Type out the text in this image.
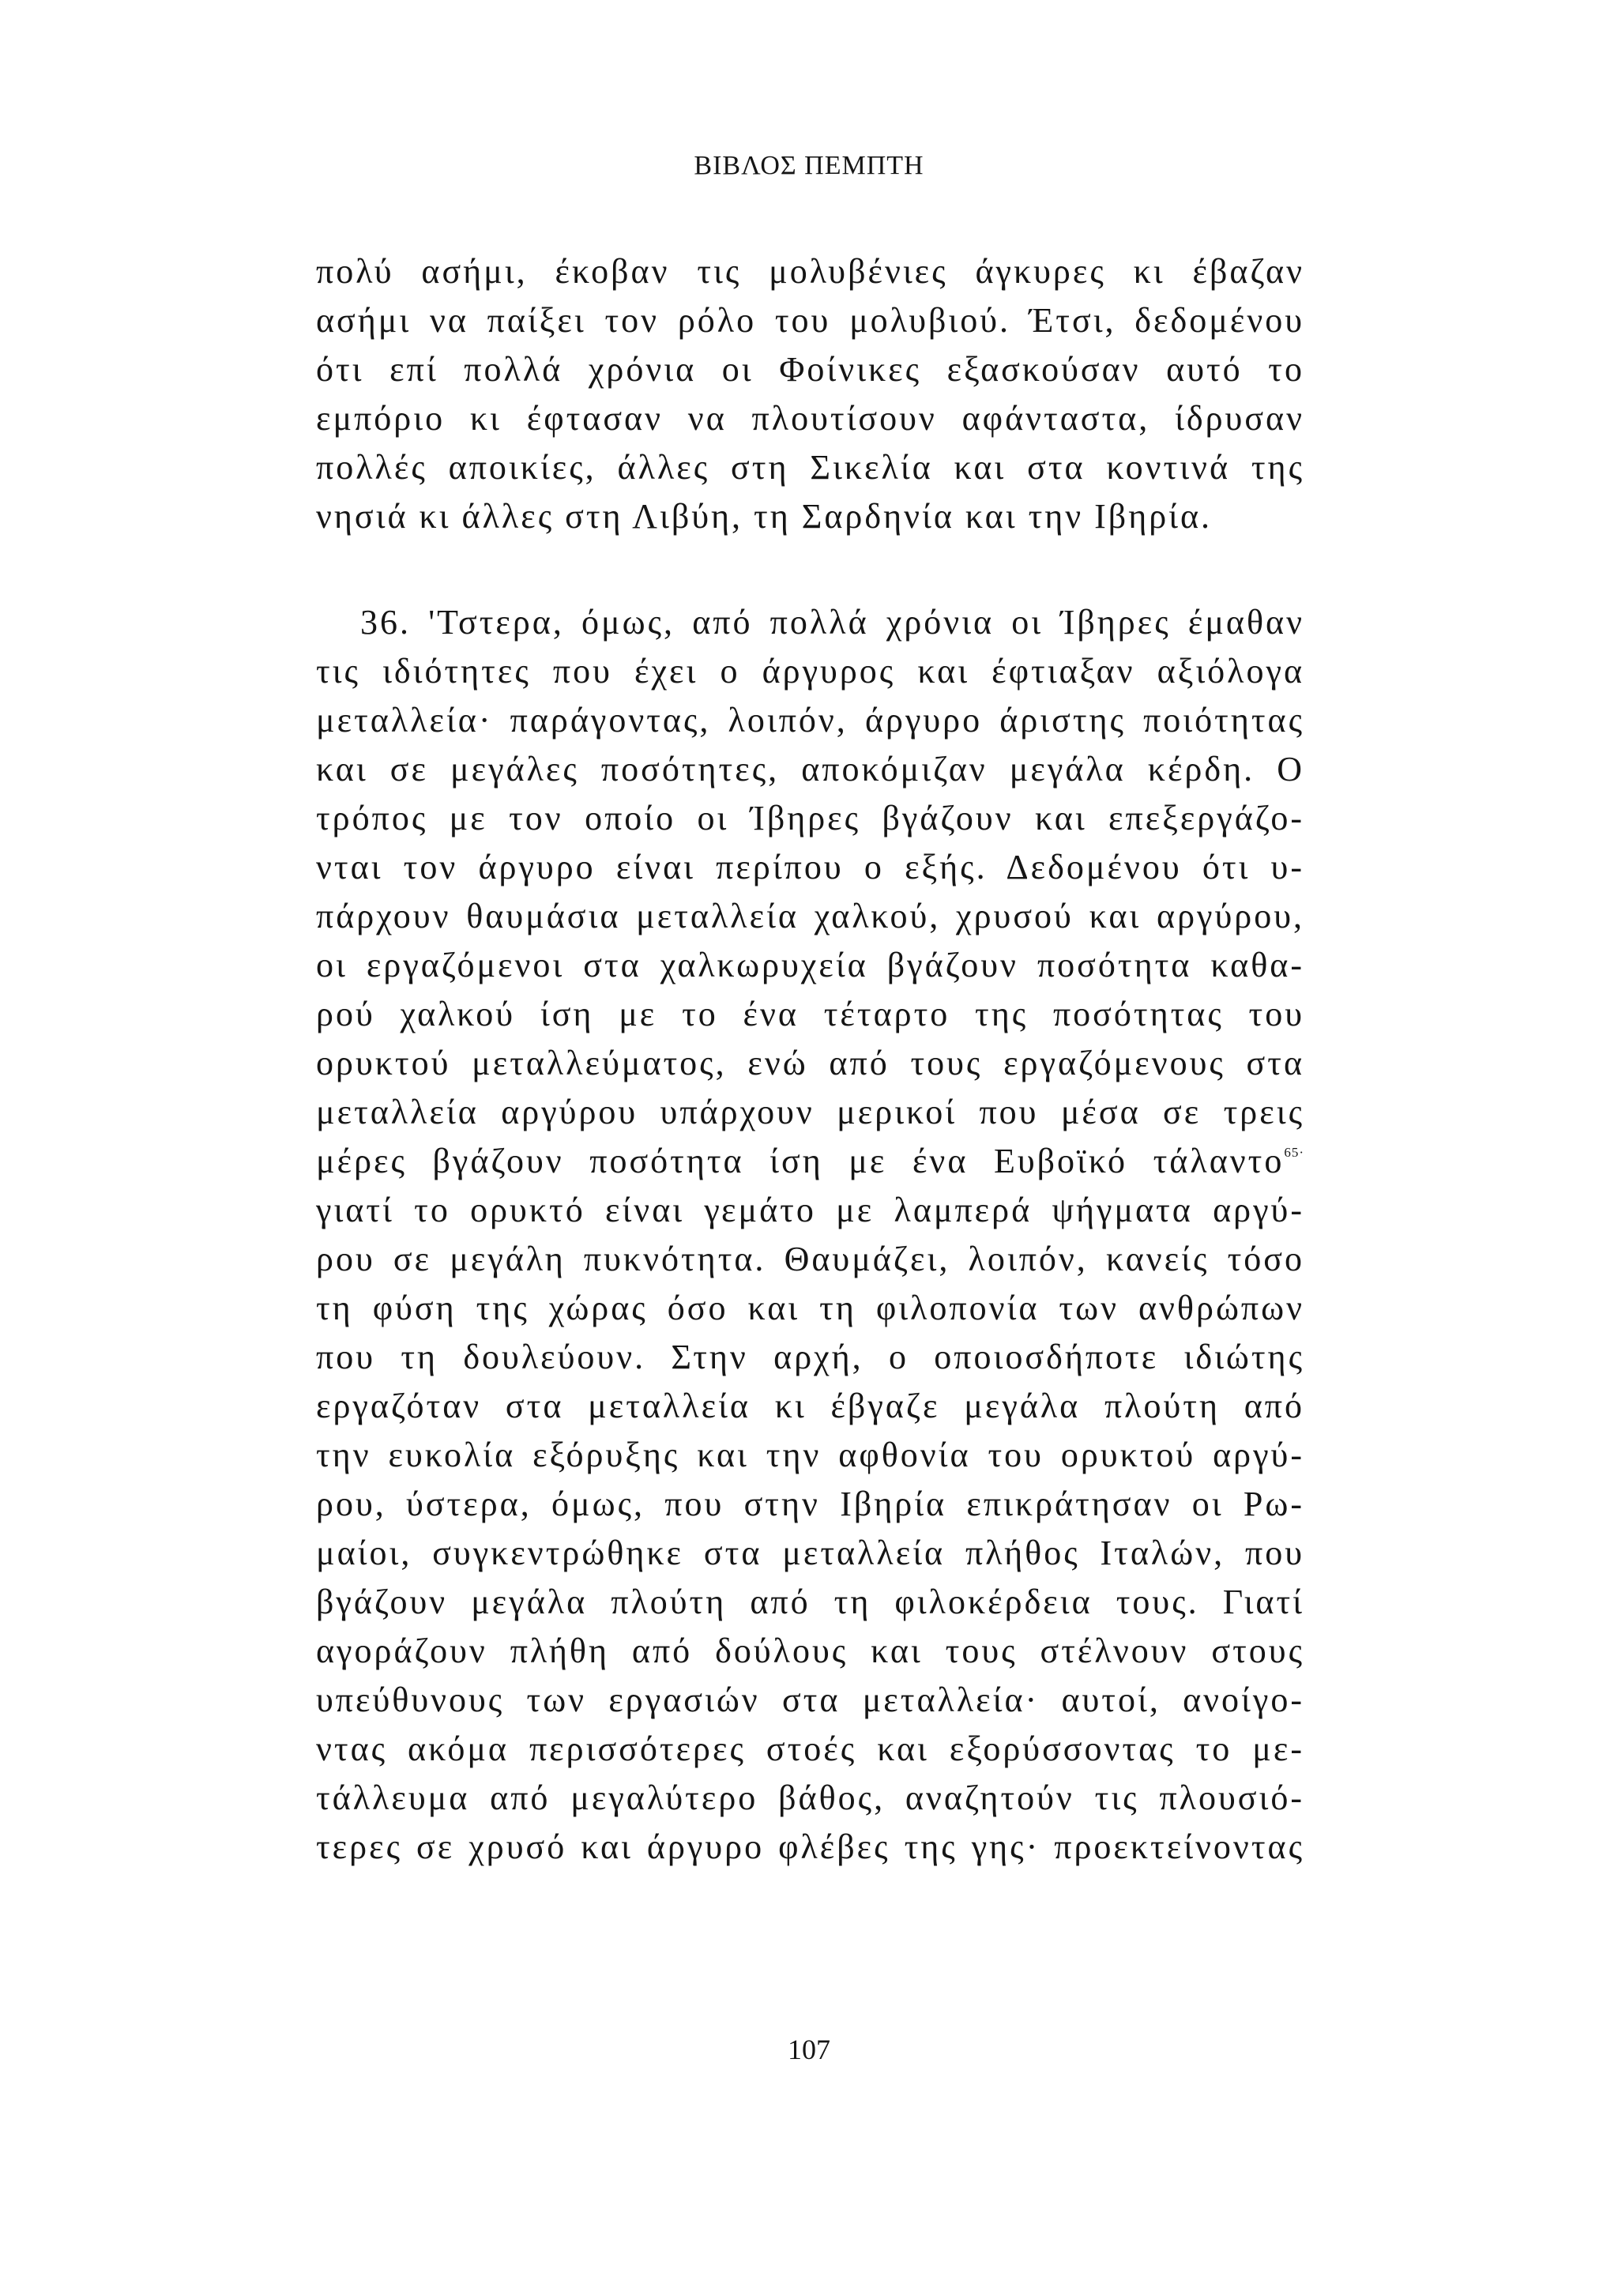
ΒΙΒΛΟΣ ΠΕΜΠΤΗ
πολύ ασήμι, έκοβαν τις μολυβένιες άγκυρες κι έβαζαν
ασήμι να παίξει τον ρόλο του μολυβιού. Έτσι, δεδομένου
ότι επί πολλά χρόνια οι Φοίνικες εξασκούσαν αυτό το
εμπόριο κι έφτασαν να πλουτίσουν αφάνταστα, ίδρυσαν
πολλές αποικίες, άλλες στη Σικελία και στα κοντινά της
νησιά κι άλλες στη Λιβύη, τη Σαρδηνία και την Ιβηρία.
36. 'Τστερα, όμως, από πολλά χρόνια οι Ίβηρες έμαθαν
τις ιδιότητες που έχει ο άργυρος και έφτιαξαν αξιόλογα
μεταλλεία· παράγοντας, λοιπόν, άργυρο άριστης ποιότητας
και σε μεγάλες ποσότητες, αποκόμιζαν μεγάλα κέρδη. Ο
τρόπος με τον οποίο οι Ίβηρες βγάζουν και επεξεργάζο-
νται τον άργυρο είναι περίπου ο εξής. Δεδομένου ότι υ-
πάρχουν θαυμάσια μεταλλεία χαλκού, χρυσού και αργύρου,
οι εργαζόμενοι στα χαλκωρυχεία βγάζουν ποσότητα καθα-
ρού χαλκού ίση με το ένα τέταρτο της ποσότητας του
ορυκτού μεταλλεύματος, ενώ από τους εργαζόμενους στα
μεταλλεία αργύρου υπάρχουν μερικοί που μέσα σε τρεις
μέρες βγάζουν ποσότητα ίση με ένα Ευβοϊκό τάλαντο$^{65\cdot}$
γιατί το ορυκτό είναι γεμάτο με λαμπερά ψήγματα αργύ-
ρου σε μεγάλη πυκνότητα. Θαυμάζει, λοιπόν, κανείς τόσο
τη φύση της χώρας όσο και τη φιλοπονία των ανθρώπων
που τη δουλεύουν. Στην αρχή, ο οποιοσδήποτε ιδιώτης
εργαζόταν στα μεταλλεία κι έβγαζε μεγάλα πλούτη από
την ευκολία εξόρυξης και την αφθονία του ορυκτού αργύ-
ρου, ύστερα, όμως, που στην Ιβηρία επικράτησαν οι Ρω-
μαίοι, συγκεντρώθηκε στα μεταλλεία πλήθος Ιταλών, που
βγάζουν μεγάλα πλούτη από τη φιλοκέρδεια τους. Γιατί
αγοράζουν πλήθη από δούλους και τους στέλνουν στους
υπεύθυνους των εργασιών στα μεταλλεία· αυτοί, ανοίγο-
ντας ακόμα περισσότερες στοές και εξορύσσοντας το με-
τάλλευμα από μεγαλύτερο βάθος, αναζητούν τις πλουσιό-
τερες σε χρυσό και άργυρο φλέβες της γης· προεκτείνοντας
107
